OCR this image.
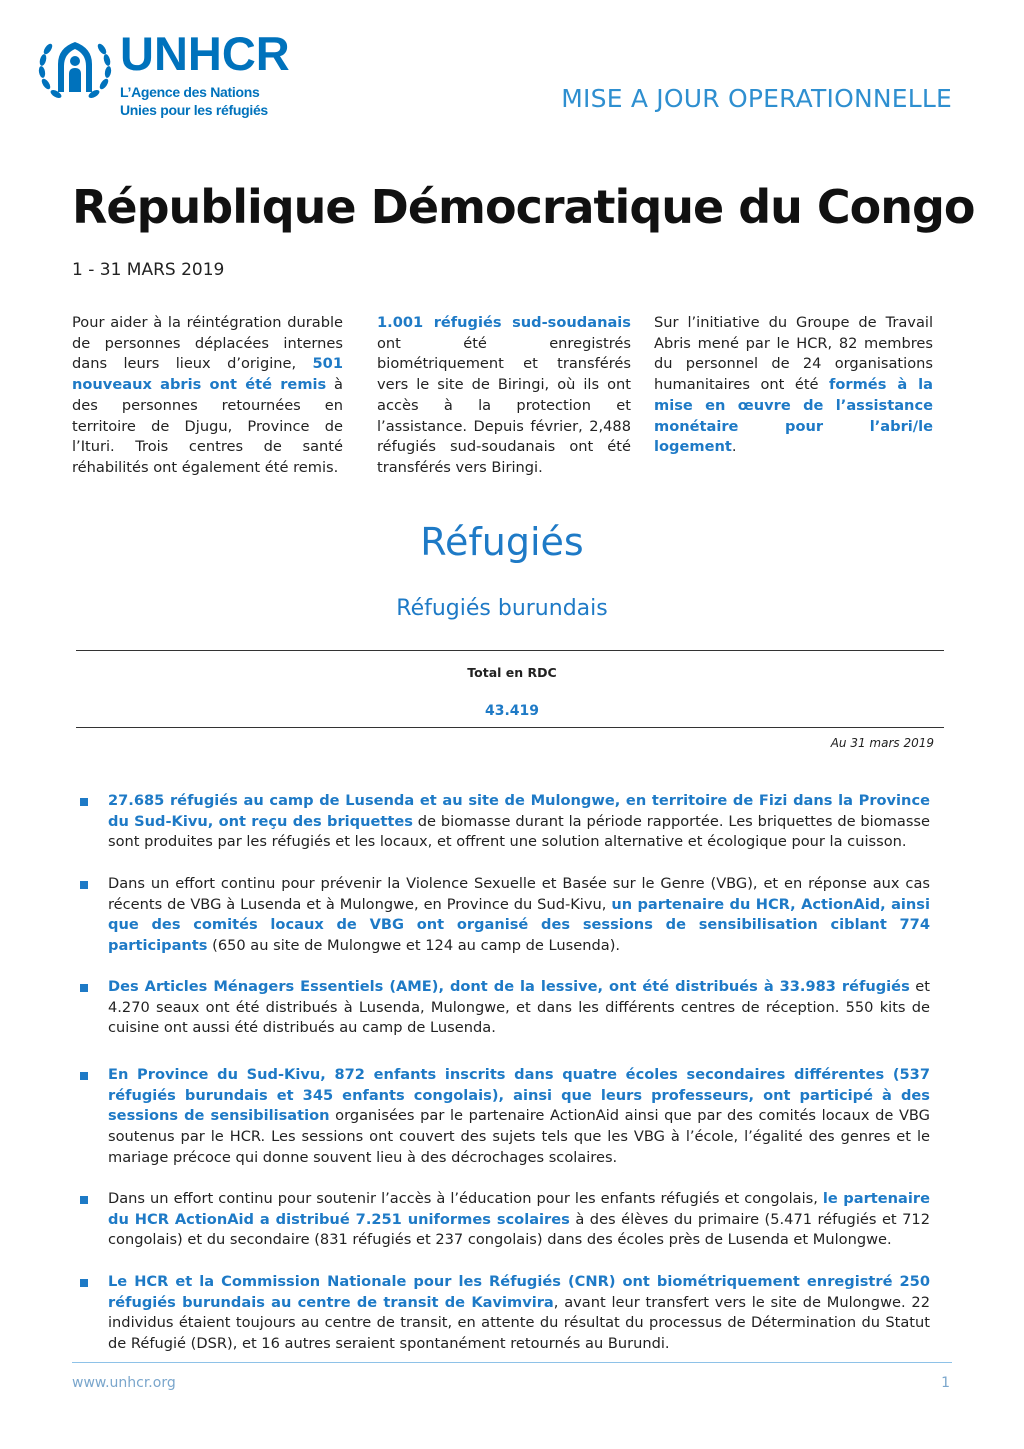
UNHCR
L’Agence des Nations
Unies pour les réfugiés	MISE A JOUR OPERATIONNELLE
République Démocratique du Congo
1 - 31 MARS 2019
Pour aider à la réintégration durable de personnes déplacées internes dans leurs lieux d’origine, 501 nouveaux abris ont été remis à des personnes retournées en territoire de Djugu, Province de l’Ituri. Trois centres de santé réhabilités ont également été remis.
1.001 réfugiés sud-soudanais ont été enregistrés biométriquement et transférés vers le site de Biringi, où ils ont accès à la protection et l’assistance. Depuis février, 2,488 réfugiés sud-soudanais ont été transférés vers Biringi.
Sur l’initiative du Groupe de Travail Abris mené par le HCR, 82 membres du personnel de 24 organisations humanitaires ont été formés à la mise en œuvre de l’assistance monétaire pour l’abri/le logement.
Réfugiés
Réfugiés burundais
Total en RDC
43.419
Au 31 mars 2019
27.685 réfugiés au camp de Lusenda et au site de Mulongwe, en territoire de Fizi dans la Province du Sud-Kivu, ont reçu des briquettes de biomasse durant la période rapportée. Les briquettes de biomasse sont produites par les réfugiés et les locaux, et offrent une solution alternative et écologique pour la cuisson.
Dans un effort continu pour prévenir la Violence Sexuelle et Basée sur le Genre (VBG), et en réponse aux cas récents de VBG à Lusenda et à Mulongwe, en Province du Sud-Kivu, un partenaire du HCR, ActionAid, ainsi que des comités locaux de VBG ont organisé des sessions de sensibilisation ciblant 774 participants (650 au site de Mulongwe et 124 au camp de Lusenda).
Des Articles Ménagers Essentiels (AME), dont de la lessive, ont été distribués à 33.983 réfugiés et 4.270 seaux ont été distribués à Lusenda, Mulongwe, et dans les différents centres de réception. 550 kits de cuisine ont aussi été distribués au camp de Lusenda.
En Province du Sud-Kivu, 872 enfants inscrits dans quatre écoles secondaires différentes (537 réfugiés burundais et 345 enfants congolais), ainsi que leurs professeurs, ont participé à des sessions de sensibilisation organisées par le partenaire ActionAid ainsi que par des comités locaux de VBG soutenus par le HCR. Les sessions ont couvert des sujets tels que les VBG à l’école, l’égalité des genres et le mariage précoce qui donne souvent lieu à des décrochages scolaires.
Dans un effort continu pour soutenir l’accès à l’éducation pour les enfants réfugiés et congolais, le partenaire du HCR ActionAid a distribué 7.251 uniformes scolaires à des élèves du primaire (5.471 réfugiés et 712 congolais) et du secondaire (831 réfugiés et 237 congolais) dans des écoles près de Lusenda et Mulongwe.
Le HCR et la Commission Nationale pour les Réfugiés (CNR) ont biométriquement enregistré 250 réfugiés burundais au centre de transit de Kavimvira, avant leur transfert vers le site de Mulongwe. 22 individus étaient toujours au centre de transit, en attente du résultat du processus de Détermination du Statut de Réfugié (DSR), et 16 autres seraient spontanément retournés au Burundi.
www.unhcr.org	1
